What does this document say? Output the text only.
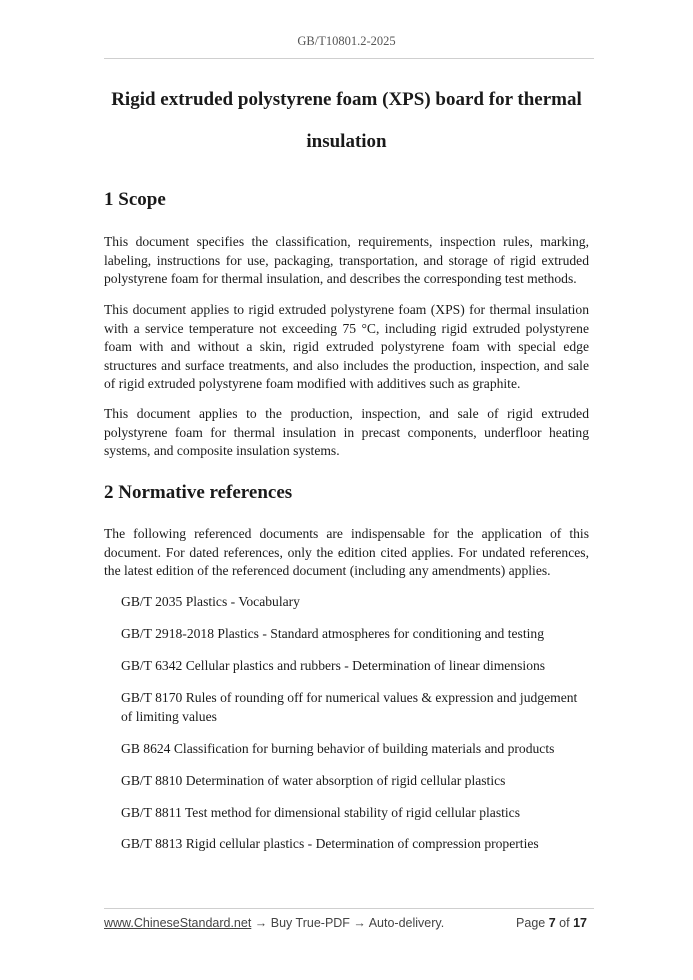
GB/T10801.2-2025
Rigid extruded polystyrene foam (XPS) board for thermal insulation
1 Scope

This document specifies the classification, requirements, inspection rules, marking, labeling, instructions for use, packaging, transportation, and storage of rigid extruded polystyrene foam for thermal insulation, and describes the corresponding test methods.

This document applies to rigid extruded polystyrene foam (XPS) for thermal insulation with a service temperature not exceeding 75 °C, including rigid extruded polystyrene foam with and without a skin, rigid extruded polystyrene foam with special edge structures and surface treatments, and also includes the production, inspection, and sale of rigid extruded polystyrene foam modified with additives such as graphite.

This document applies to the production, inspection, and sale of rigid extruded polystyrene foam for thermal insulation in precast components, underfloor heating systems, and composite insulation systems.

2 Normative references

The following referenced documents are indispensable for the application of this document. For dated references, only the edition cited applies. For undated references, the latest edition of the referenced document (including any amendments) applies.

GB/T 2035 Plastics - Vocabulary
GB/T 2918-2018 Plastics - Standard atmospheres for conditioning and testing
GB/T 6342 Cellular plastics and rubbers - Determination of linear dimensions
GB/T 8170 Rules of rounding off for numerical values & expression and judgement of limiting values
GB 8624 Classification for burning behavior of building materials and products
GB/T 8810 Determination of water absorption of rigid cellular plastics
GB/T 8811 Test method for dimensional stability of rigid cellular plastics
GB/T 8813 Rigid cellular plastics - Determination of compression properties
www.ChineseStandard.net → Buy True-PDF → Auto-delivery.	Page 7 of 17
